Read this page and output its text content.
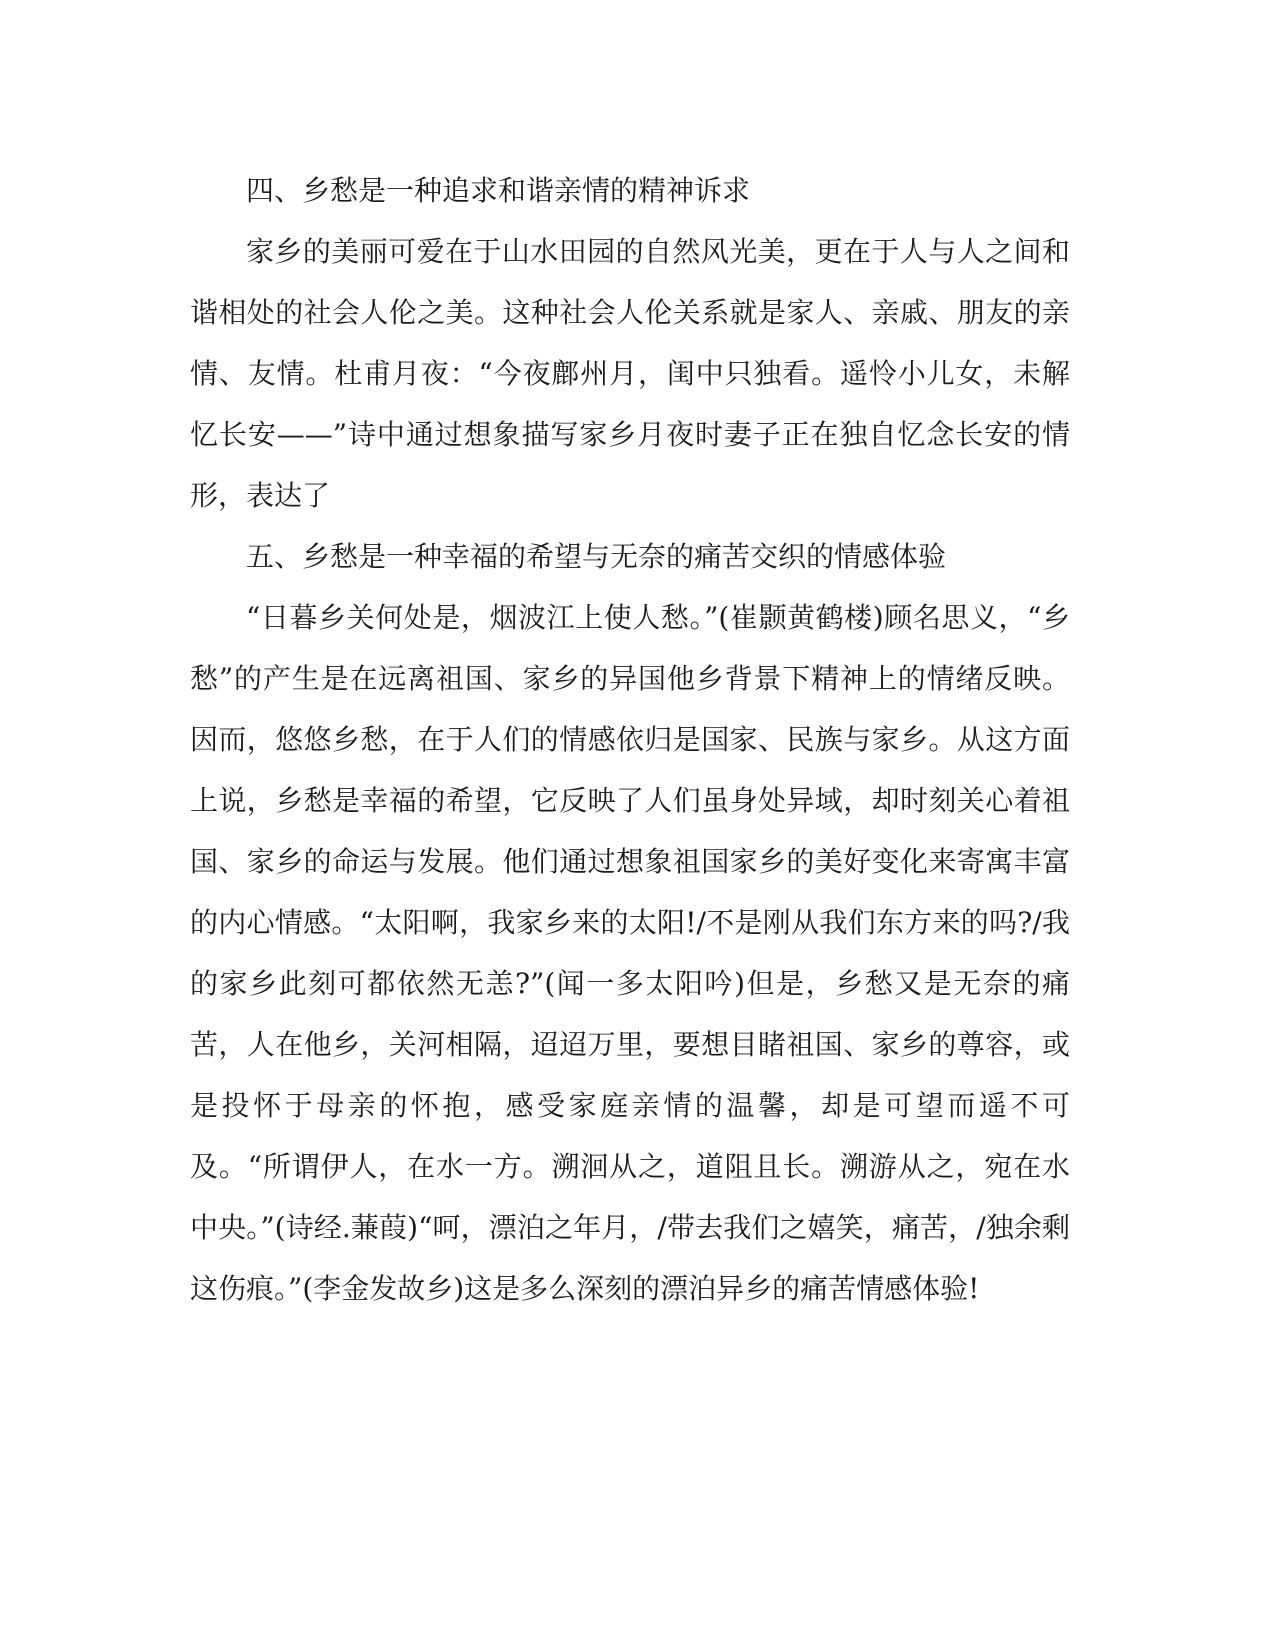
四、乡愁是一种追求和谐亲情的精神诉求

家乡的美丽可爱在于山水田园的自然风光美，更在于人与人之间和谐相处的社会人伦之美。这种社会人伦关系就是家人、亲戚、朋友的亲情、友情。杜甫月夜：“今夜鄜州月，闺中只独看。遥怜小儿女，未解忆长安——”诗中通过想象描写家乡月夜时妻子正在独自忆念长安的情形，表达了

五、乡愁是一种幸福的希望与无奈的痛苦交织的情感体验

“日暮乡关何处是，烟波江上使人愁。”(崔颢黄鹤楼)顾名思义，“乡愁”的产生是在远离祖国、家乡的异国他乡背景下精神上的情绪反映。因而，悠悠乡愁，在于人们的情感依归是国家、民族与家乡。从这方面上说，乡愁是幸福的希望，它反映了人们虽身处异域，却时刻关心着祖国、家乡的命运与发展。他们通过想象祖国家乡的美好变化来寄寓丰富的内心情感。“太阳啊，我家乡来的太阳!/不是刚从我们东方来的吗?/我的家乡此刻可都依然无恙?”(闻一多太阳吟)但是，乡愁又是无奈的痛苦，人在他乡，关河相隔，迢迢万里，要想目睹祖国、家乡的尊容，或是投怀于母亲的怀抱，感受家庭亲情的温馨，却是可望而遥不可及。“所谓伊人，在水一方。溯洄从之，道阻且长。溯游从之，宛在水中央。”(诗经.蒹葭)“呵，漂泊之年月，/带去我们之嬉笑，痛苦，/独余剩这伤痕。”(李金发故乡)这是多么深刻的漂泊异乡的痛苦情感体验!
